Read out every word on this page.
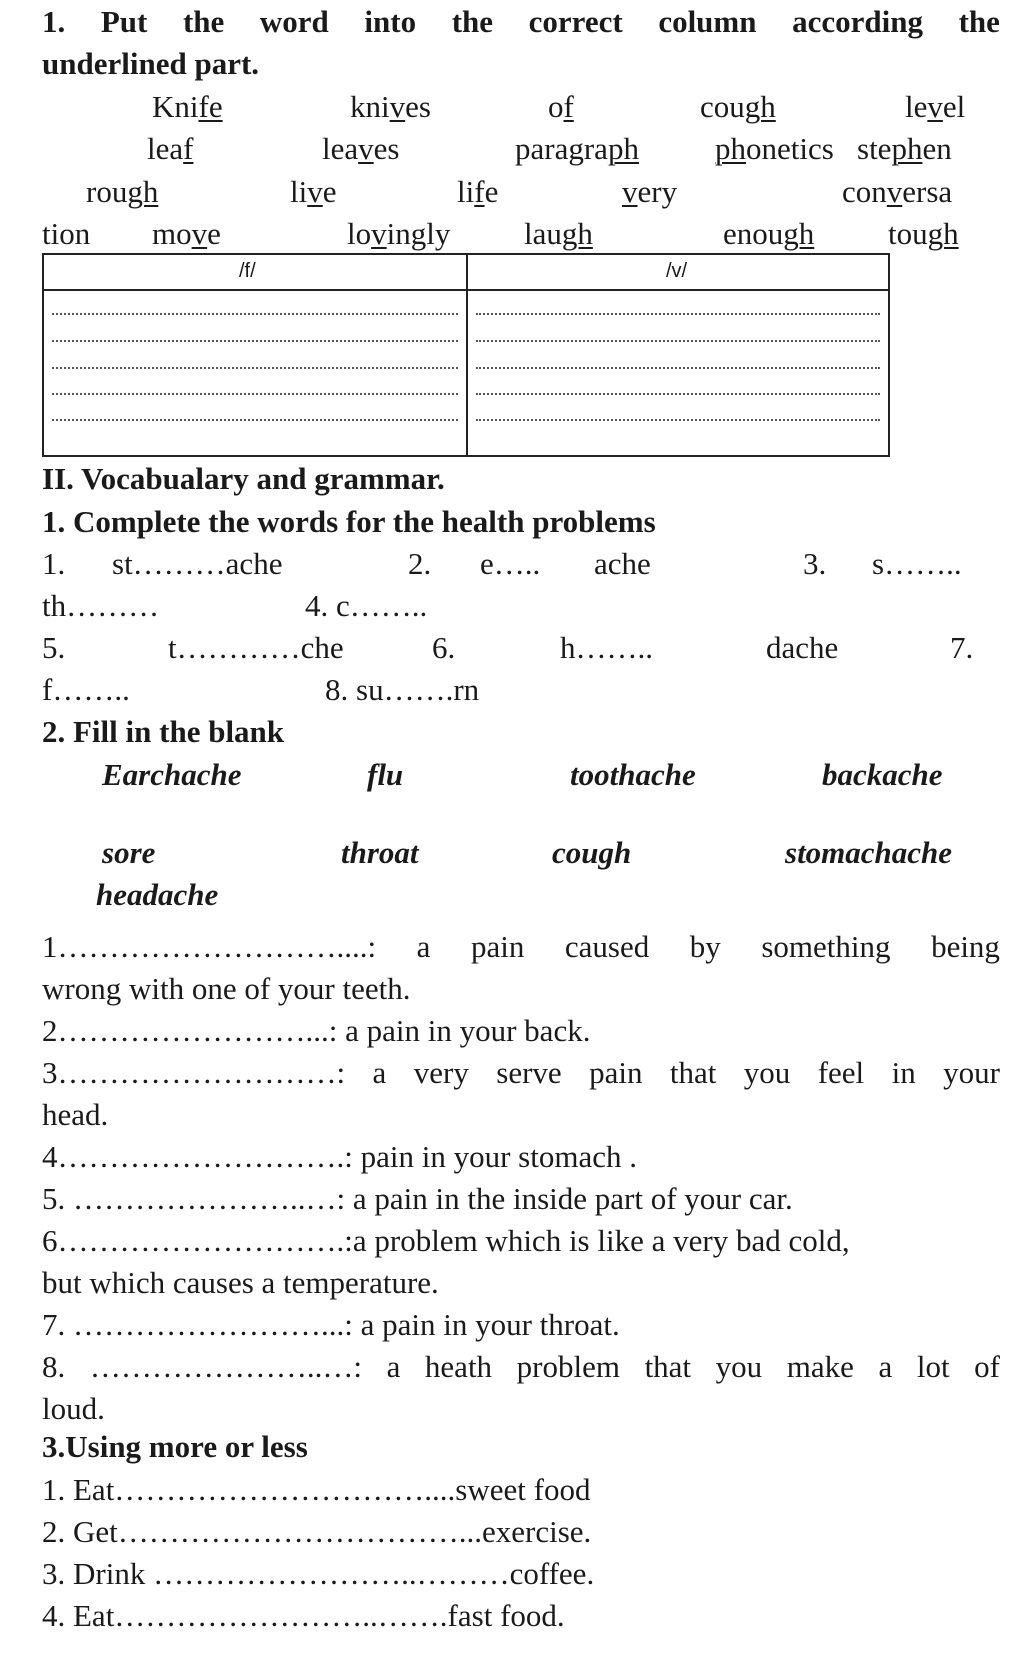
1. Put the word into the correct column according the
underlined part.
Knife	knives	of	cough	level
leaf	leaves	paragraph phonetics stephen
rough	live	life	very	conversa
tion move	lovingly laugh	enough tough
/f/	/v/
II. Vocabualary and grammar.
1. Complete the words for the health problems
1. st………ache	2. e….. ache	3. s……..
th………	4. c……..
5.	t…………che	6.	h……..	dache	7.
f……..	8. su…….rn
2. Fill in the blank
Earchache	flu	toothache	backache
sore	throat	cough	stomachache
headache
1………………………....: a pain caused by something being
wrong with one of your teeth.
2……………………...: a pain in your back.
3………………………: a very serve pain that you feel in your
head.
4……………………….: pain in your stomach .
5. …………………..…: a pain in the inside part of your car.
6……………………….:a problem which is like a very bad cold,
but which causes a temperature.
7. ……………………...: a pain in your throat.
8. …………………..…: a heath problem that you make a lot of
loud.
3.Using more or less
1. Eat…………………………....sweet food
2. Get……………………………...exercise.
3. Drink ……………………..………coffee.
4. Eat……………………..…….fast food.
